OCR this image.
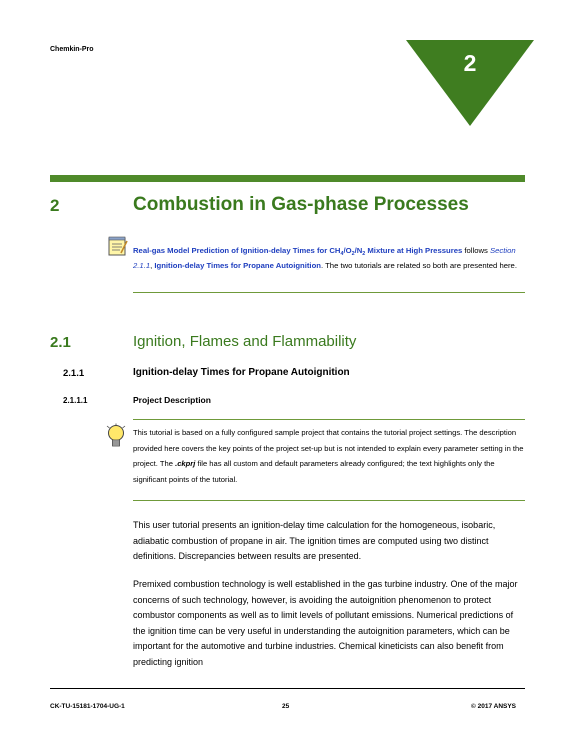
Chemkin-Pro
2
2	Combustion in Gas-phase Processes
Real-gas Model Prediction of Ignition-delay Times for $CH_4/O_2/N_2$ Mixture at High Pressures follows Section 2.1.1, Ignition-delay Times for Propane Autoignition. The two tutorials are related so both are presented here.
2.1	Ignition, Flames and Flammability
2.1.1	Ignition-delay Times for Propane Autoignition
2.1.1.1	Project Description
This tutorial is based on a fully configured sample project that contains the tutorial project settings. The description provided here covers the key points of the project set-up but is not intended to explain every parameter setting in the project. The .ckprj file has all custom and default parameters already configured; the text highlights only the significant points of the tutorial.
This user tutorial presents an ignition-delay time calculation for the homogeneous, isobaric, adiabatic combustion of propane in air. The ignition times are computed using two distinct definitions. Discrepancies between results are presented.
Premixed combustion technology is well established in the gas turbine industry. One of the major concerns of such technology, however, is avoiding the autoignition phenomenon to protect combustor components as well as to limit levels of pollutant emissions. Numerical predictions of the ignition time can be very useful in understanding the autoignition parameters, which can be important for the automotive and turbine industries. Chemical kineticists can also benefit from predicting ignition
CK-TU-15181-1704-UG-1	25	© 2017 ANSYS
